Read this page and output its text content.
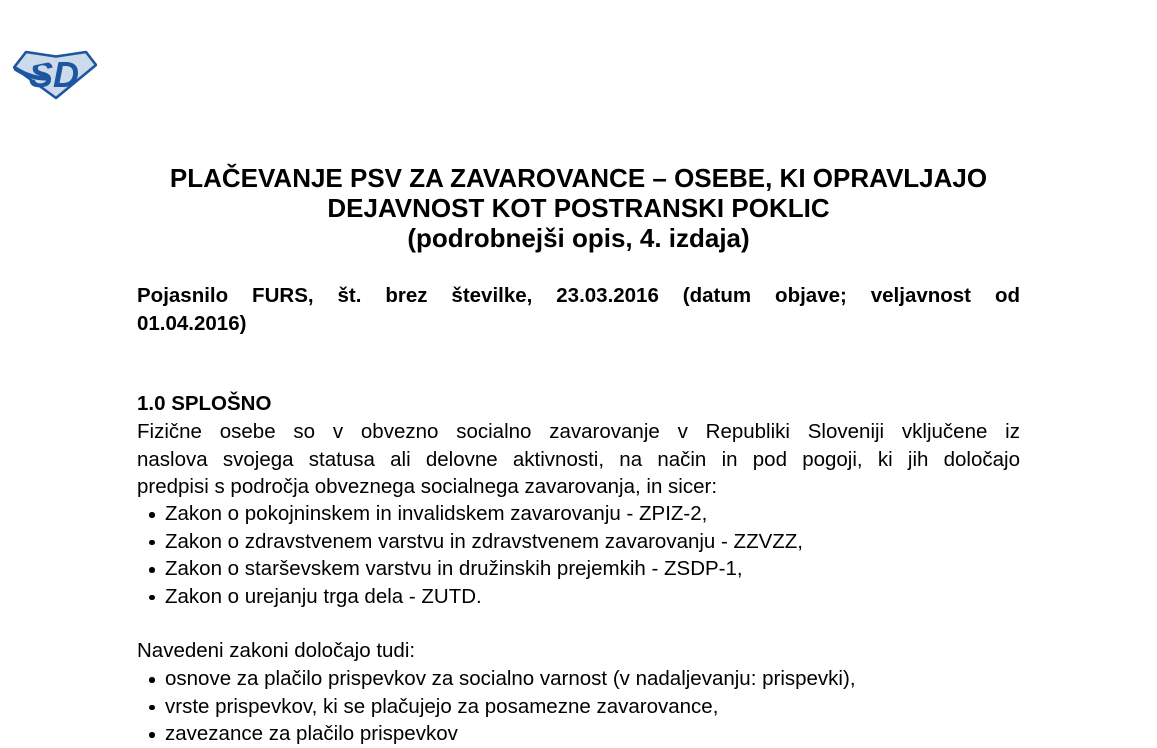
SD
PLAČEVANJE PSV ZA ZAVAROVANCE – OSEBE, KI OPRAVLJAJO
DEJAVNOST KOT POSTRANSKI POKLIC
(podrobnejši opis, 4. izdaja)
Pojasnilo FURS, št. brez številke, 23.03.2016 (datum objave; veljavnost od
01.04.2016)
1.0 SPLOŠNO
Fizične osebe so v obvezno socialno zavarovanje v Republiki Sloveniji vključene iz
naslova svojega statusa ali delovne aktivnosti, na način in pod pogoji, ki jih določajo
predpisi s področja obveznega socialnega zavarovanja, in sicer:
Zakon o pokojninskem in invalidskem zavarovanju - ZPIZ-2,
Zakon o zdravstvenem varstvu in zdravstvenem zavarovanju - ZZVZZ,
Zakon o starševskem varstvu in družinskih prejemkih - ZSDP-1,
Zakon o urejanju trga dela - ZUTD.
Navedeni zakoni določajo tudi:
osnove za plačilo prispevkov za socialno varnost (v nadaljevanju: prispevki),
vrste prispevkov, ki se plačujejo za posamezne zavarovance,
zavezance za plačilo prispevkov
